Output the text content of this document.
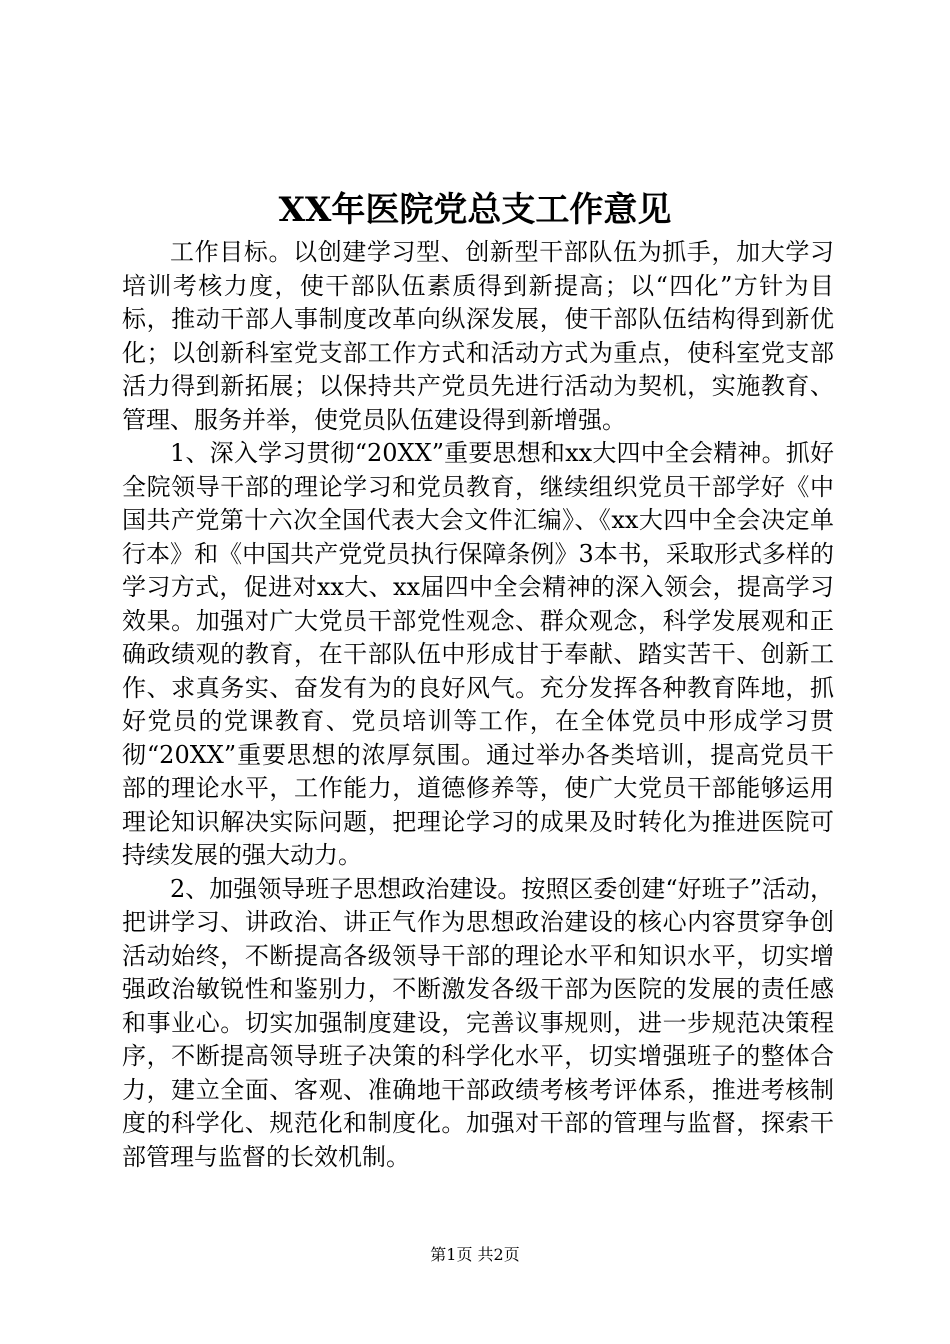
XX年医院党总支工作意见

工作目标。以创建学习型、创新型干部队伍为抓手，加大学习培训考核力度，使干部队伍素质得到新提高；以“四化”方针为目标，推动干部人事制度改革向纵深发展，使干部队伍结构得到新优化；以创新科室党支部工作方式和活动方式为重点，使科室党支部活力得到新拓展；以保持共产党员先进行活动为契机，实施教育、管理、服务并举，使党员队伍建设得到新增强。

1、深入学习贯彻“20XX”重要思想和xx大四中全会精神。抓好全院领导干部的理论学习和党员教育，继续组织党员干部学好《中国共产党第十六次全国代表大会文件汇编》、《xx大四中全会决定单行本》和《中国共产党党员执行保障条例》3本书，采取形式多样的学习方式，促进对xx大、xx届四中全会精神的深入领会，提高学习效果。加强对广大党员干部党性观念、群众观念，科学发展观和正确政绩观的教育，在干部队伍中形成甘于奉献、踏实苦干、创新工作、求真务实、奋发有为的良好风气。充分发挥各种教育阵地，抓好党员的党课教育、党员培训等工作，在全体党员中形成学习贯彻“20XX”重要思想的浓厚氛围。通过举办各类培训，提高党员干部的理论水平，工作能力，道德修养等，使广大党员干部能够运用理论知识解决实际问题，把理论学习的成果及时转化为推进医院可持续发展的强大动力。

2、加强领导班子思想政治建设。按照区委创建“好班子”活动，把讲学习、讲政治、讲正气作为思想政治建设的核心内容贯穿争创活动始终，不断提高各级领导干部的理论水平和知识水平，切实增强政治敏锐性和鉴别力，不断激发各级干部为医院的发展的责任感和事业心。切实加强制度建设，完善议事规则，进一步规范决策程序，不断提高领导班子决策的科学化水平，切实增强班子的整体合力，建立全面、客观、准确地干部政绩考核考评体系，推进考核制度的科学化、规范化和制度化。加强对干部的管理与监督，探索干部管理与监督的长效机制。

第1页 共2页
